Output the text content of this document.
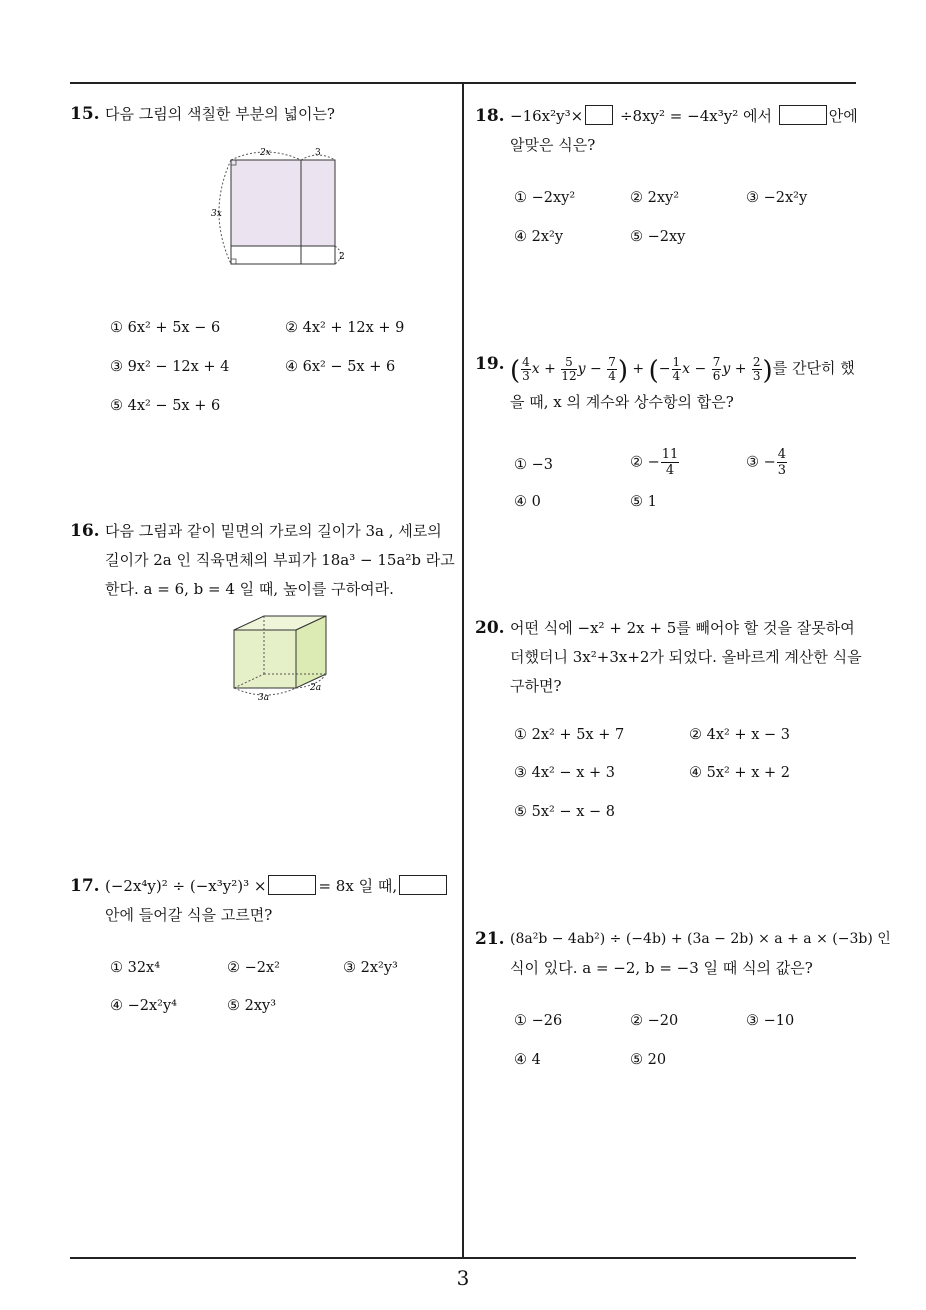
15. 다음 그림의 색칠한 부분의 넓이는?
2x	3
3x
2
① 6x² + 5x − 6	② 4x² + 12x + 9
③ 9x² − 12x + 4	④ 6x² − 5x + 6
⑤ 4x² − 5x + 6
16. 다음 그림과 같이 밑면의 가로의 길이가 3a , 세로의
길이가 2a 인 직육면체의 부피가 18a³ − 15a²b 라고
한다. a = 6, b = 4 일 때, 높이를 구하여라.
3a
2a
17. (−2x⁴y)² ÷ (−x³y²)³ ×	= 8x 일 때,
안에 들어갈 식을 고르면?
① 32x⁴	② −2x²	③ 2x²y³
④ −2x²y⁴	⑤ 2xy³
18. −16x²y³× ÷8xy² = −4x³y² 에서	안에
알맞은 식은?
① −2xy²	② 2xy²	③ −2x²y
④ 2x²y	⑤ −2xy
19. ( $\frac{4}{3}$ $x + \frac{5}{12}$ $y - \frac{7}{4}$ ) + (− $\frac{1}{4}$ $x - \frac{7}{6}$ $y + \frac{2}{3}$ )를 간단히 했
을 때, x 의 계수와 상수항의 합은?
① −3	② − $\frac{11}{4}$	③ − $\frac{4}{3}$
④ 0	⑤ 1
20. 어떤 식에 −x² + 2x + 5를 빼어야 할 것을 잘못하여
더했더니 3x²+3x+2가 되었다. 올바르게 계산한 식을
구하면?
① 2x² + 5x + 7	② 4x² + x − 3
③ 4x² − x + 3	④ 5x² + x + 2
⑤ 5x² − x − 8
21. (8a²b − 4ab²) ÷ (−4b) + (3a − 2b) × a + a × (−3b) 인
식이 있다. a = −2, b = −3 일 때 식의 값은?
① −26	② −20	③ −10
④ 4	⑤ 20
3
